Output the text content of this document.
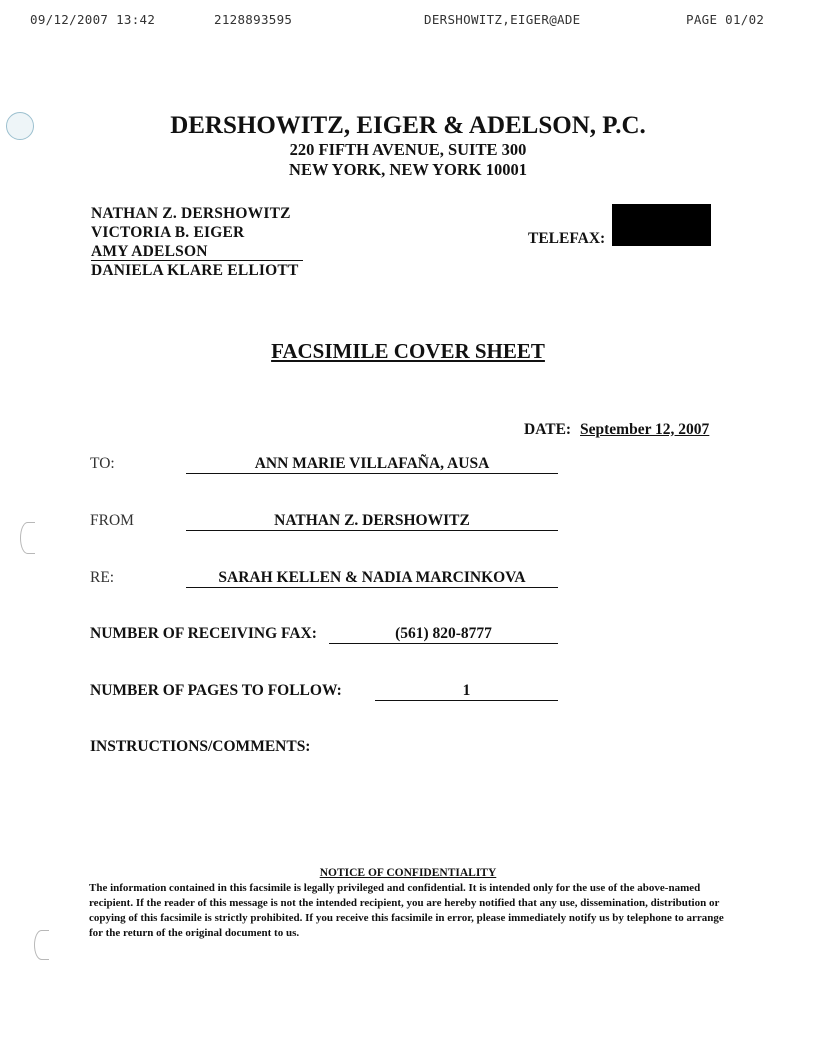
09/12/2007 13:42	2128893595	DERSHOWITZ,EIGER@ADE	PAGE 01/02
DERSHOWITZ, EIGER & ADELSON, P.C.
220 FIFTH AVENUE, SUITE 300
NEW YORK, NEW YORK 10001
NATHAN Z. DERSHOWITZ
VICTORIA B. EIGER
AMY ADELSON
DANIELA KLARE ELLIOTT
TELEFAX:
FACSIMILE COVER SHEET
DATE: September 12, 2007
TO:	ANN MARIE VILLAFAÑA, AUSA
FROM	NATHAN Z. DERSHOWITZ
RE:	SARAH KELLEN & NADIA MARCINKOVA
NUMBER OF RECEIVING FAX:	(561) 820-8777
NUMBER OF PAGES TO FOLLOW:	1
INSTRUCTIONS/COMMENTS:
NOTICE OF CONFIDENTIALITY
The information contained in this facsimile is legally privileged and confidential. It is intended only for the use of the above-named recipient. If the reader of this message is not the intended recipient, you are hereby notified that any use, dissemination, distribution or copying of this facsimile is strictly prohibited. If you receive this facsimile in error, please immediately notify us by telephone to arrange for the return of the original document to us.
